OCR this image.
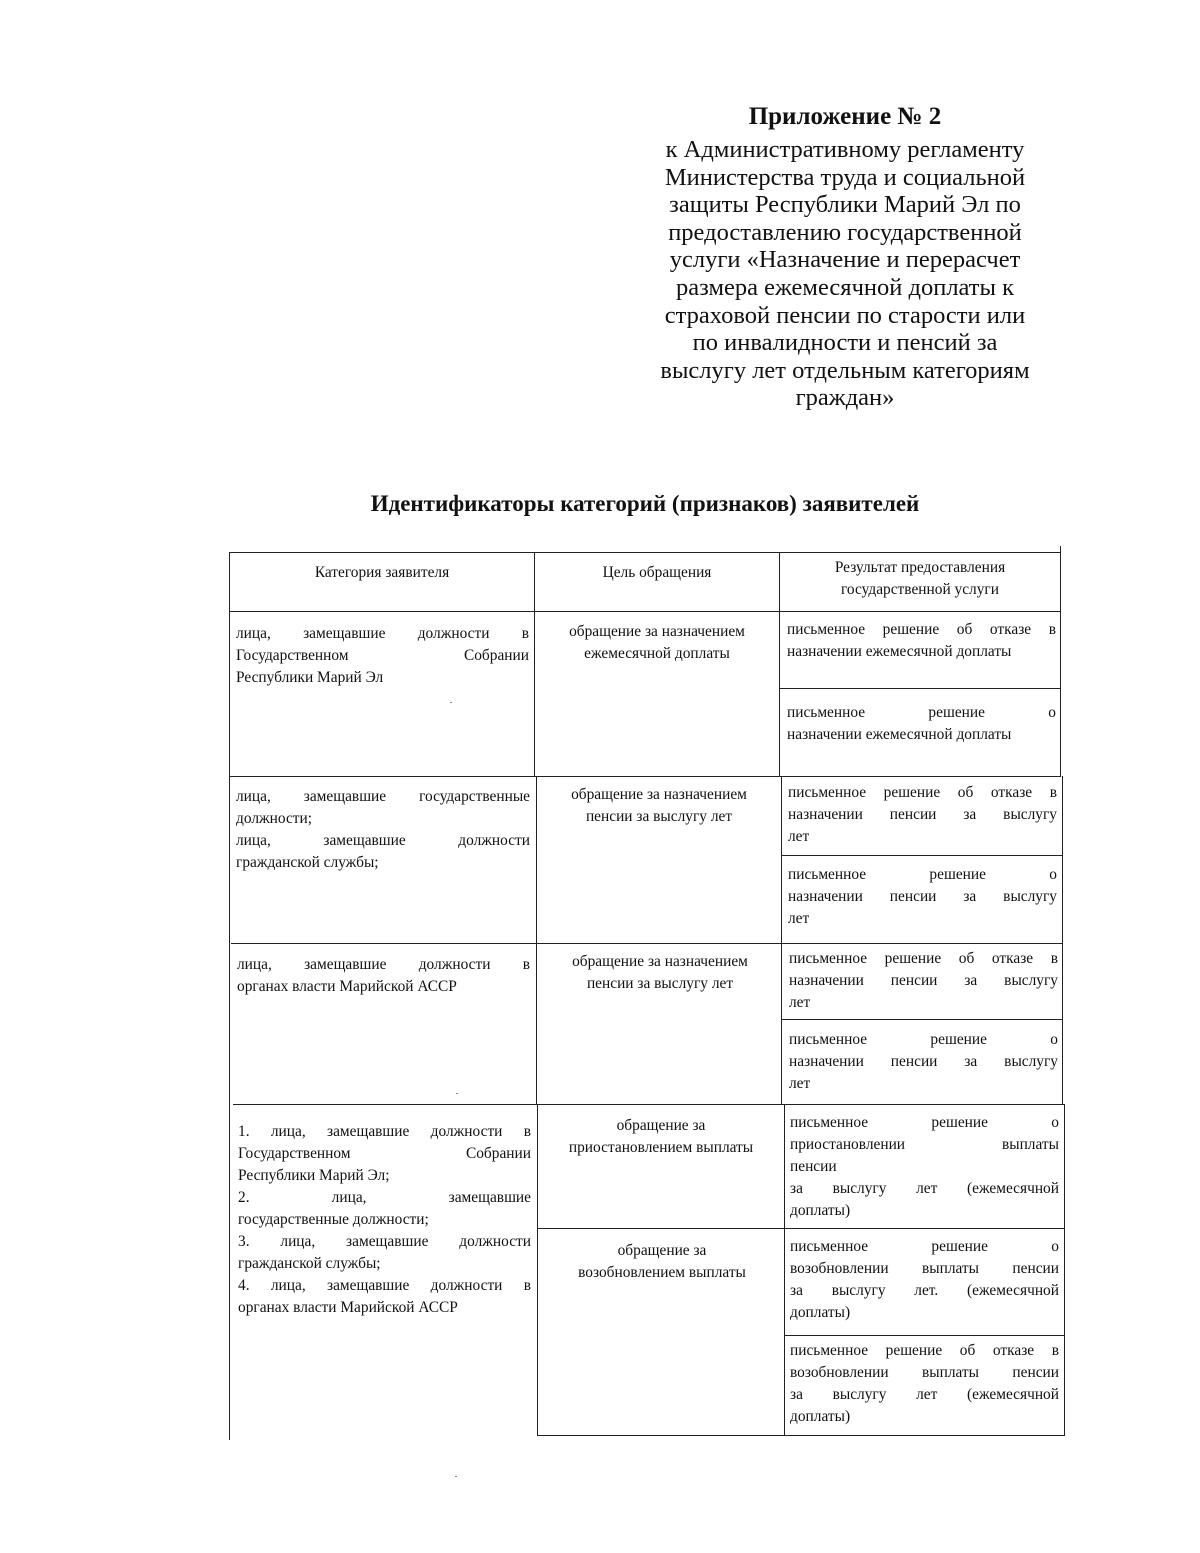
Приложение № 2
к Административному регламенту
Министерства труда и социальной
защиты Республики Марий Эл по
предоставлению государственной
услуги «Назначение и перерасчет
размера ежемесячной доплаты к
страховой пенсии по старости или
по инвалидности и пенсий за
выслугу лет отдельным категориям
граждан»
Идентификаторы категорий (признаков) заявителей
Категория заявителя	Цель обращения	Результат предоставления
государственной услуги
лица, замещавшие должности в
Государственном Собрании
Республики Марий Эл
обращение за назначением
ежемесячной доплаты
письменное решение об отказе в
назначении ежемесячной доплаты
письменное решение о
назначении ежемесячной доплаты
лица, замещавшие государственные
должности;
лица, замещавшие должности
гражданской службы;
обращение за назначением
пенсии за выслугу лет
письменное решение об отказе в
назначении пенсии за выслугу
лет
письменное решение о
назначении пенсии за выслугу
лет
лица, замещавшие должности в
органах власти Марийской АССР
обращение за назначением
пенсии за выслугу лет
письменное решение об отказе в
назначении пенсии за выслугу
лет
письменное решение о
назначении пенсии за выслугу
лет
1. лица, замещавшие должности в
Государственном Собрании
Республики Марий Эл;
2. лица, замещавшие
государственные должности;
3. лица, замещавшие должности
гражданской службы;
4. лица, замещавшие должности в
органах власти Марийской АССР
обращение за
приостановлением выплаты
письменное решение о
приостановлении выплаты
пенсии
за выслугу лет (ежемесячной
доплаты)
обращение за
возобновлением выплаты
письменное решение о
возобновлении выплаты пенсии
за выслугу лет. (ежемесячной
доплаты)
письменное решение об отказе в
возобновлении выплаты пенсии
за выслугу лет (ежемесячной
доплаты)
